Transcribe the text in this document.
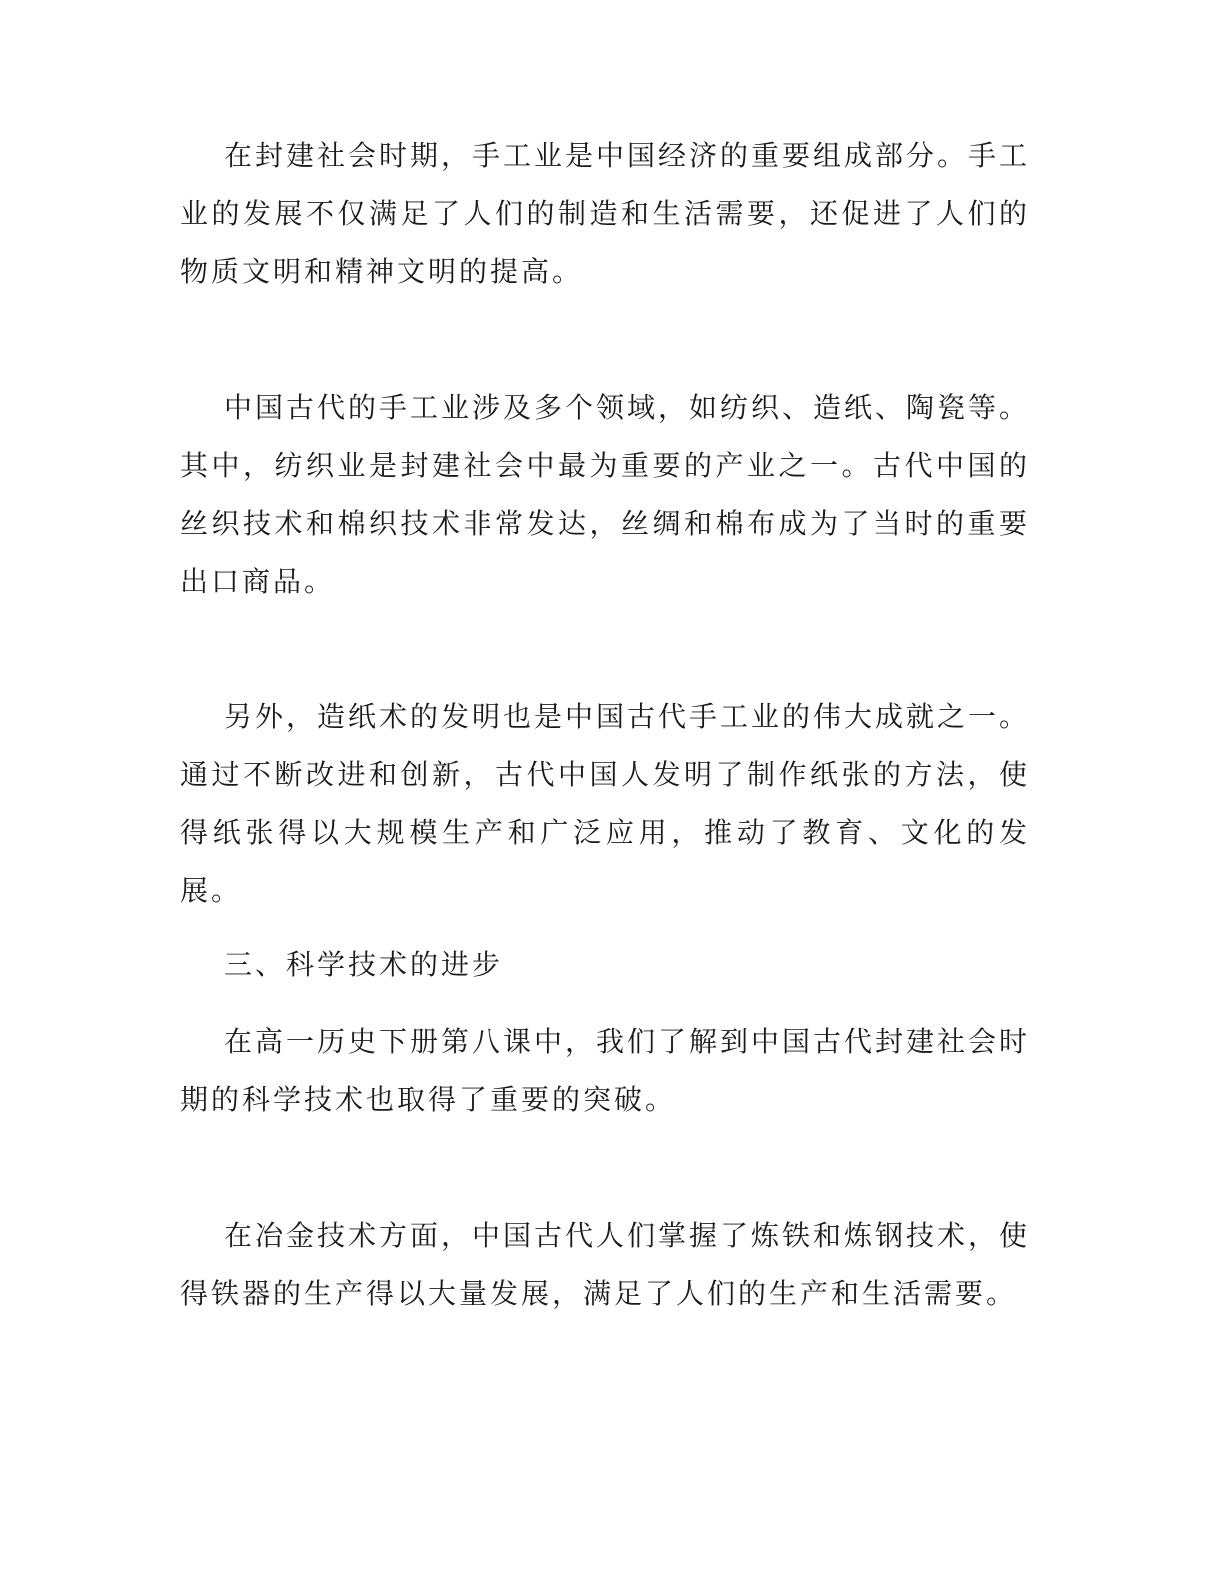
在封建社会时期，手工业是中国经济的重要组成部分。手工业的发展不仅满足了人们的制造和生活需要，还促进了人们的物质文明和精神文明的提高。

中国古代的手工业涉及多个领域，如纺织、造纸、陶瓷等。其中，纺织业是封建社会中最为重要的产业之一。古代中国的丝织技术和棉织技术非常发达，丝绸和棉布成为了当时的重要出口商品。

另外，造纸术的发明也是中国古代手工业的伟大成就之一。通过不断改进和创新，古代中国人发明了制作纸张的方法，使得纸张得以大规模生产和广泛应用，推动了教育、文化的发展。

三、科学技术的进步

在高一历史下册第八课中，我们了解到中国古代封建社会时期的科学技术也取得了重要的突破。

在冶金技术方面，中国古代人们掌握了炼铁和炼钢技术，使得铁器的生产得以大量发展，满足了人们的生产和生活需要。
